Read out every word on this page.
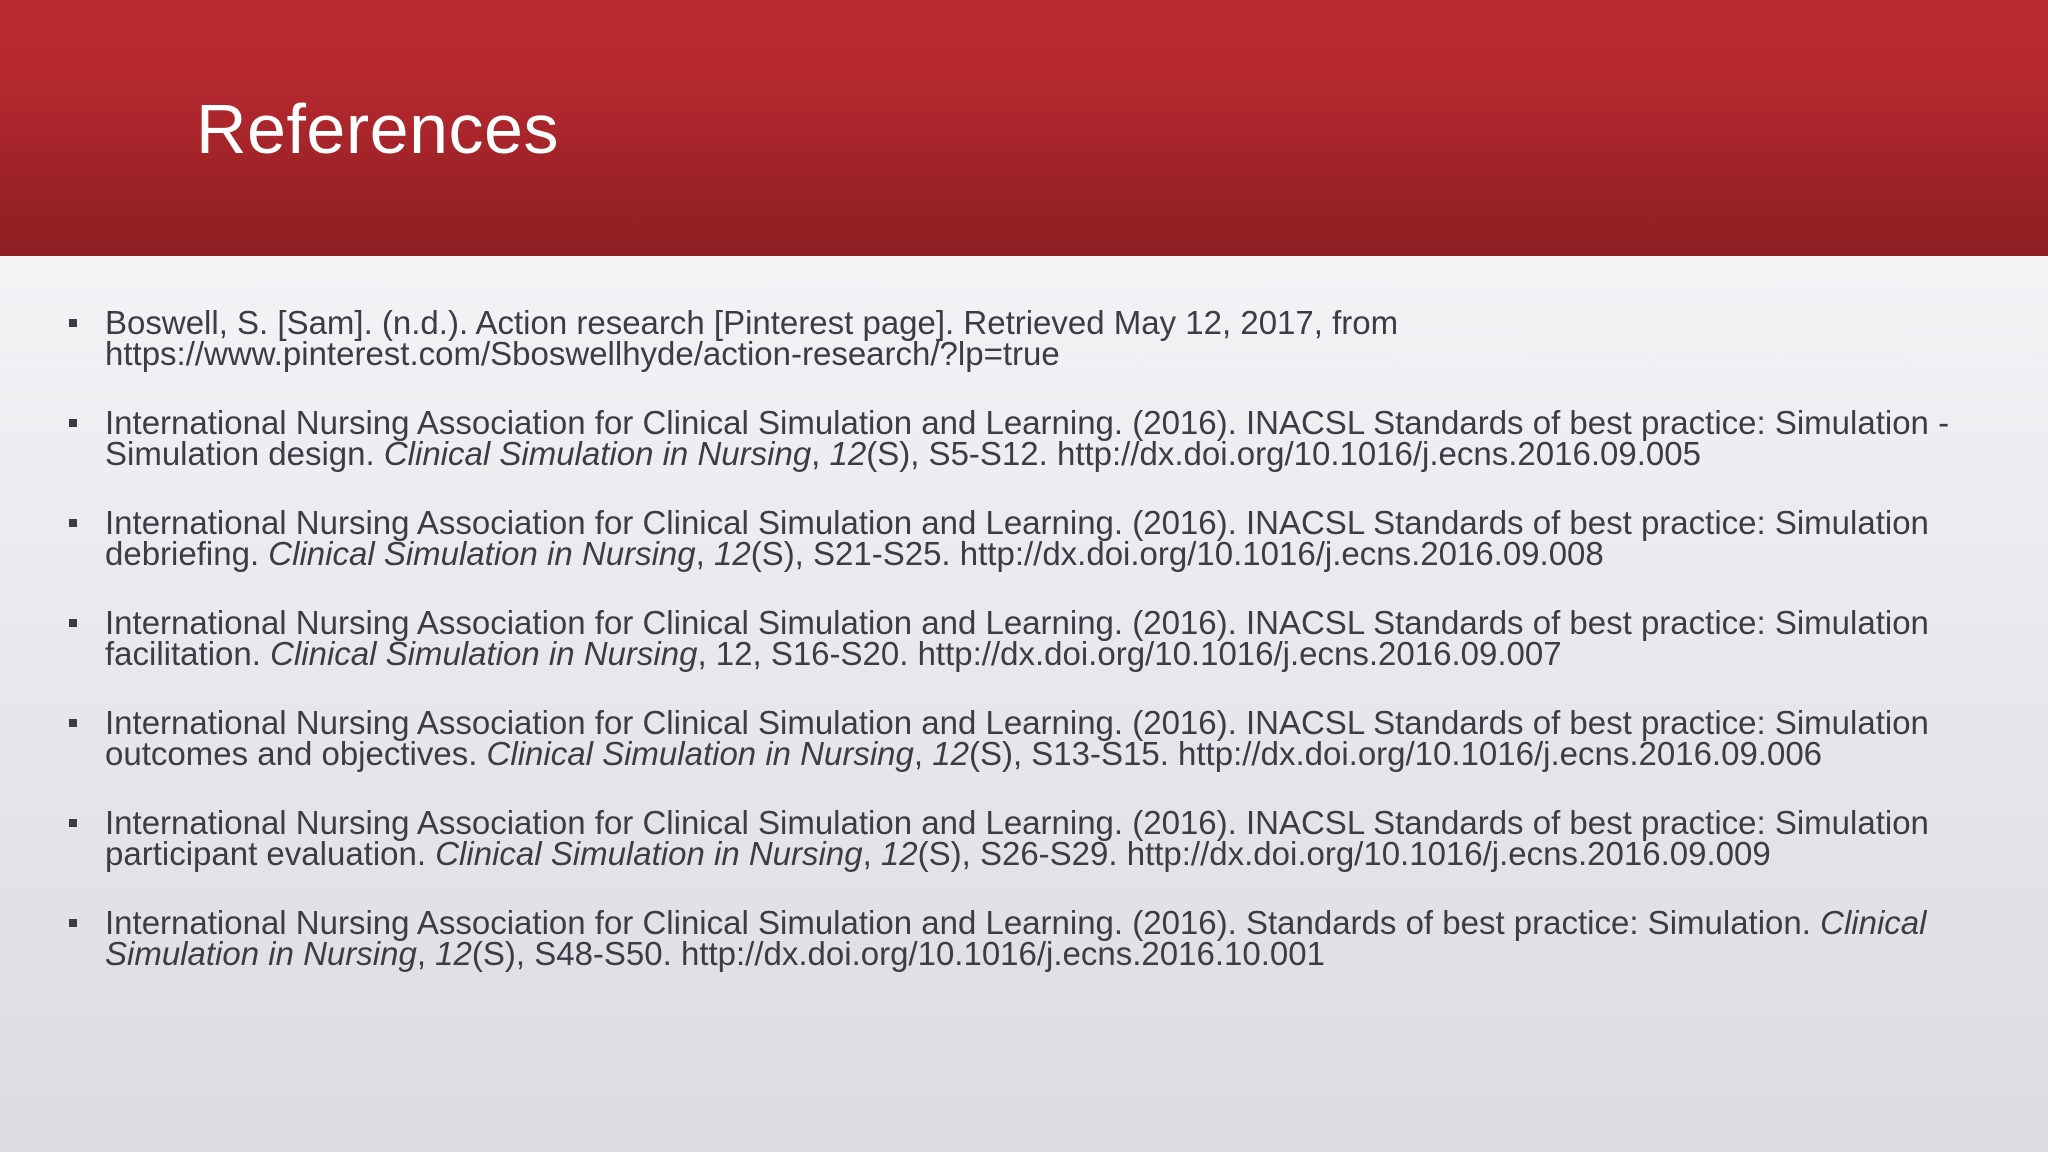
References
Boswell, S. [Sam]. (n.d.). Action research [Pinterest page]. Retrieved May 12, 2017, from https://www.pinterest.com/Sboswellhyde/action-research/?lp=true
International Nursing Association for Clinical Simulation and Learning. (2016). INACSL Standards of best practice: Simulation - Simulation design. Clinical Simulation in Nursing, 12(S), S5-S12. http://dx.doi.org/10.1016/j.ecns.2016.09.005
International Nursing Association for Clinical Simulation and Learning. (2016). INACSL Standards of best practice: Simulation debriefing. Clinical Simulation in Nursing, 12(S), S21-S25. http://dx.doi.org/10.1016/j.ecns.2016.09.008
International Nursing Association for Clinical Simulation and Learning. (2016). INACSL Standards of best practice: Simulation facilitation. Clinical Simulation in Nursing, 12, S16-S20. http://dx.doi.org/10.1016/j.ecns.2016.09.007
International Nursing Association for Clinical Simulation and Learning. (2016). INACSL Standards of best practice: Simulation outcomes and objectives. Clinical Simulation in Nursing, 12(S), S13-S15. http://dx.doi.org/10.1016/j.ecns.2016.09.006
International Nursing Association for Clinical Simulation and Learning. (2016). INACSL Standards of best practice: Simulation participant evaluation. Clinical Simulation in Nursing, 12(S), S26-S29. http://dx.doi.org/10.1016/j.ecns.2016.09.009
International Nursing Association for Clinical Simulation and Learning. (2016). Standards of best practice: Simulation. Clinical Simulation in Nursing, 12(S), S48-S50. http://dx.doi.org/10.1016/j.ecns.2016.10.001
